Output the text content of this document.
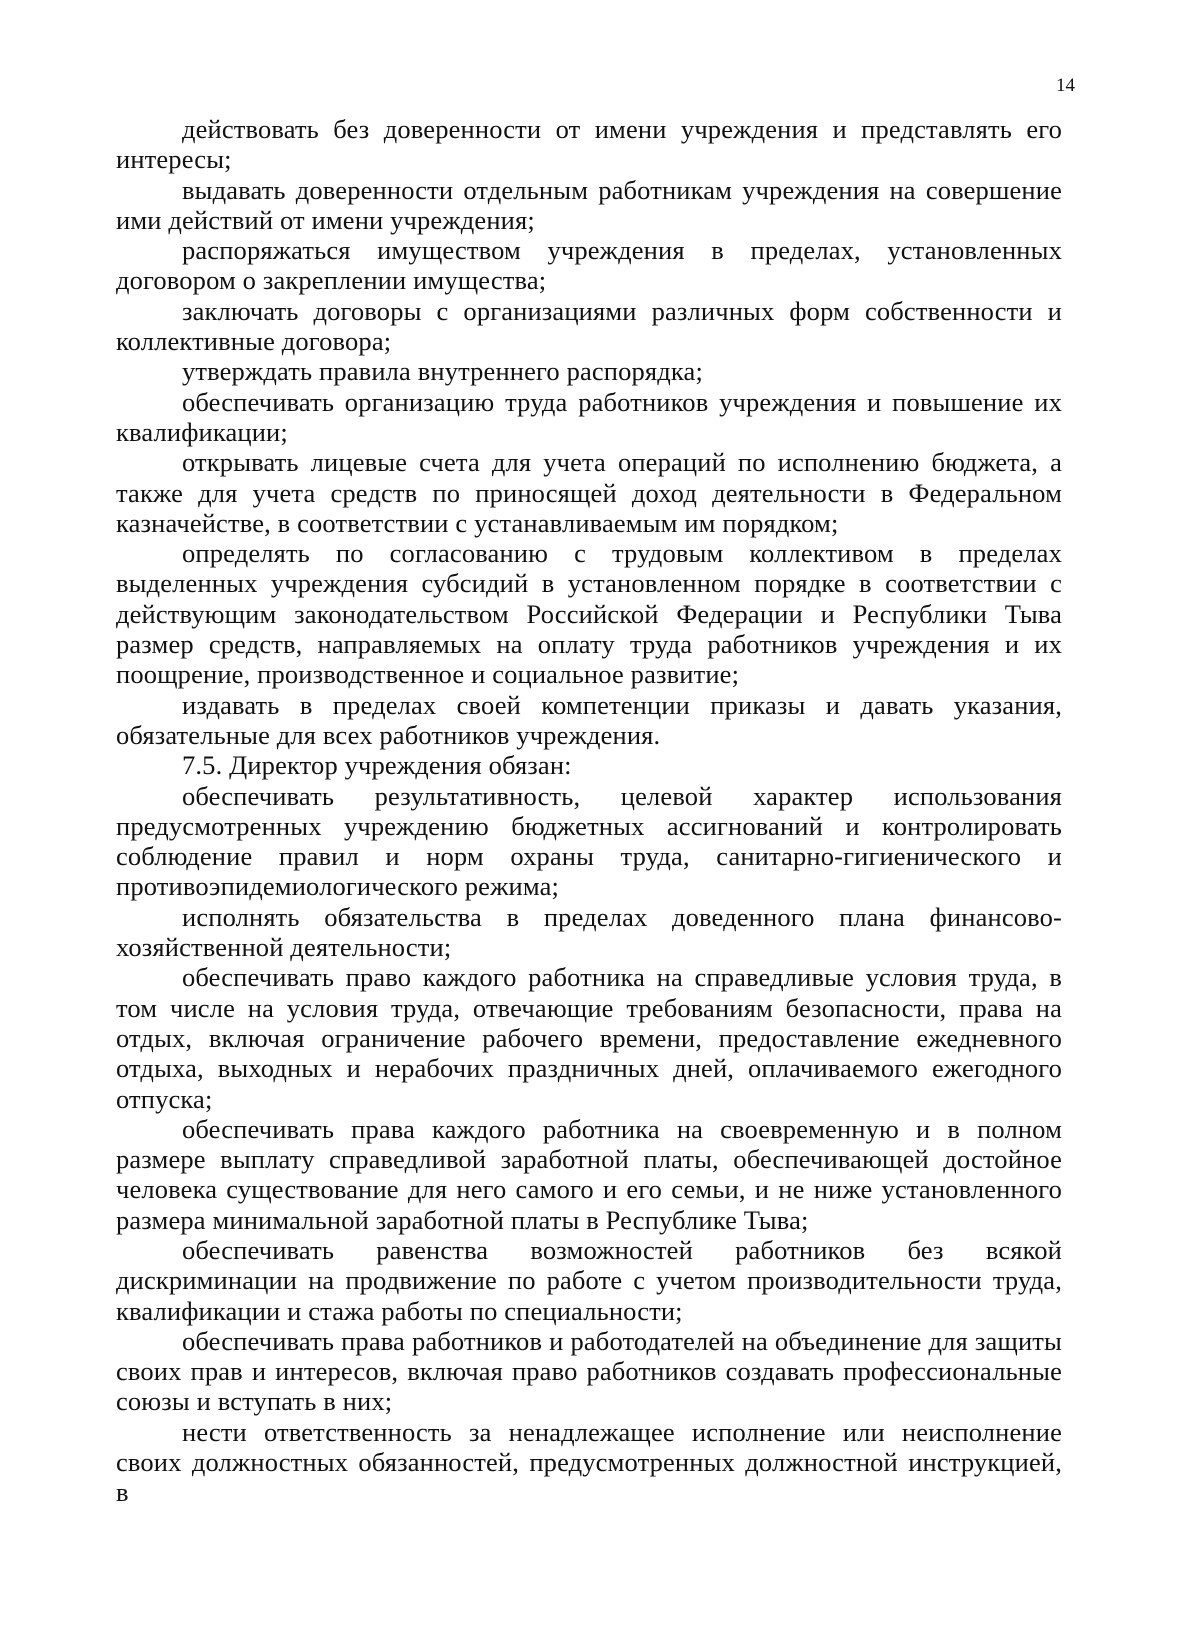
14

действовать без доверенности от имени учреждения и представлять его интересы;

выдавать доверенности отдельным работникам учреждения на совершение ими действий от имени учреждения;

распоряжаться имуществом учреждения в пределах, установленных договором о закреплении имущества;

заключать договоры с организациями различных форм собственности и коллективные договора;

утверждать правила внутреннего распорядка;

обеспечивать организацию труда работников учреждения и повышение их квалификации;

открывать лицевые счета для учета операций по исполнению бюджета, а также для учета средств по приносящей доход деятельности в Федеральном казначействе, в соответствии с устанавливаемым им порядком;

определять по согласованию с трудовым коллективом в пределах выделенных учреждения субсидий в установленном порядке в соответствии с действующим законодательством Российской Федерации и Республики Тыва размер средств, направляемых на оплату труда работников учреждения и их поощрение, производственное и социальное развитие;

издавать в пределах своей компетенции приказы и давать указания, обязательные для всех работников учреждения.

7.5. Директор учреждения обязан:

обеспечивать результативность, целевой характер использования предусмотренных учреждению бюджетных ассигнований и контролировать соблюдение правил и норм охраны труда, санитарно-гигиенического и противоэпидемиологического режима;

исполнять обязательства в пределах доведенного плана финансово-хозяйственной деятельности;

обеспечивать право каждого работника на справедливые условия труда, в том числе на условия труда, отвечающие требованиям безопасности, права на отдых, включая ограничение рабочего времени, предоставление ежедневного отдыха, выходных и нерабочих праздничных дней, оплачиваемого ежегодного отпуска;

обеспечивать права каждого работника на своевременную и в полном размере выплату справедливой заработной платы, обеспечивающей достойное человека существование для него самого и его семьи, и не ниже установленного размера минимальной заработной платы в Республике Тыва;

обеспечивать равенства возможностей работников без всякой дискриминации на продвижение по работе с учетом производительности труда, квалификации и стажа работы по специальности;

обеспечивать права работников и работодателей на объединение для защиты своих прав и интересов, включая право работников создавать профессиональные союзы и вступать в них;

нести ответственность за ненадлежащее исполнение или неисполнение своих должностных обязанностей, предусмотренных должностной инструкцией, в
